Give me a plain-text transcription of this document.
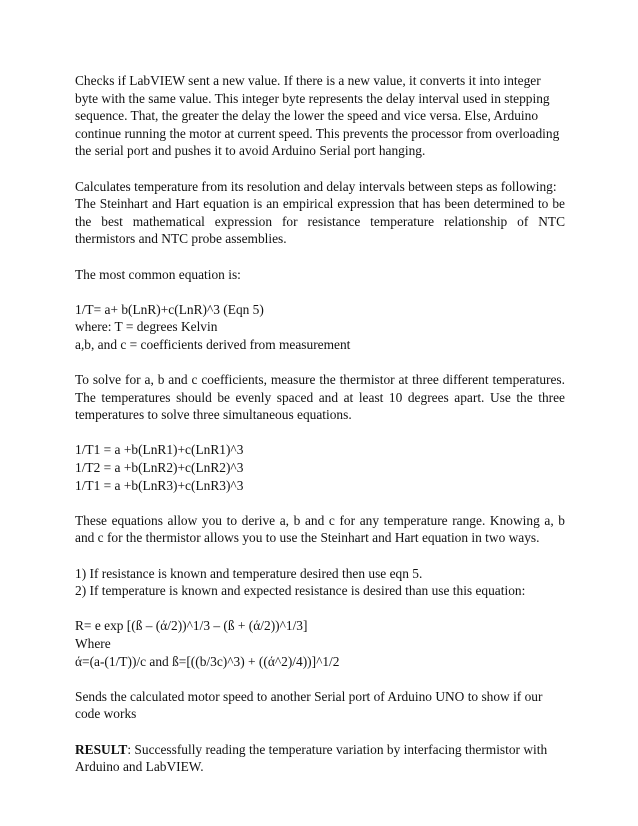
Checks if LabVIEW sent a new value. If there is a new value, it converts it into integer byte with the same value. This integer byte represents the delay interval used in stepping sequence. That, the greater the delay the lower the speed and vice versa. Else, Arduino continue running the motor at current speed. This prevents the processor from overloading the serial port and pushes it to avoid Arduino Serial port hanging.

Calculates temperature from its resolution and delay intervals between steps as following:
The Steinhart and Hart equation is an empirical expression that has been determined to be the best mathematical expression for resistance temperature relationship of NTC thermistors and NTC probe assemblies.

The most common equation is:

1/T= a+ b(LnR)+c(LnR)^3 (Eqn 5)
where: T = degrees Kelvin
a,b, and c = coefficients derived from measurement

To solve for a, b and c coefficients, measure the thermistor at three different temperatures. The temperatures should be evenly spaced and at least 10 degrees apart. Use the three temperatures to solve three simultaneous equations.

1/T1 = a +b(LnR1)+c(LnR1)^3
1/T2 = a +b(LnR2)+c(LnR2)^3
1/T1 = a +b(LnR3)+c(LnR3)^3

These equations allow you to derive a, b and c for any temperature range. Knowing a, b and c for the thermistor allows you to use the Steinhart and Hart equation in two ways.

1) If resistance is known and temperature desired then use eqn 5.
2) If temperature is known and expected resistance is desired than use this equation:

R= e exp [(ß – (ά/2))^1/3 – (ß + (ά/2))^1/3]
Where
ά=(a-(1/T))/c and ß=[((b/3c)^3) + ((ά^2)/4))]^1/2

Sends the calculated motor speed to another Serial port of Arduino UNO to show if our code works

RESULT: Successfully reading the temperature variation by interfacing thermistor with Arduino and LabVIEW.
